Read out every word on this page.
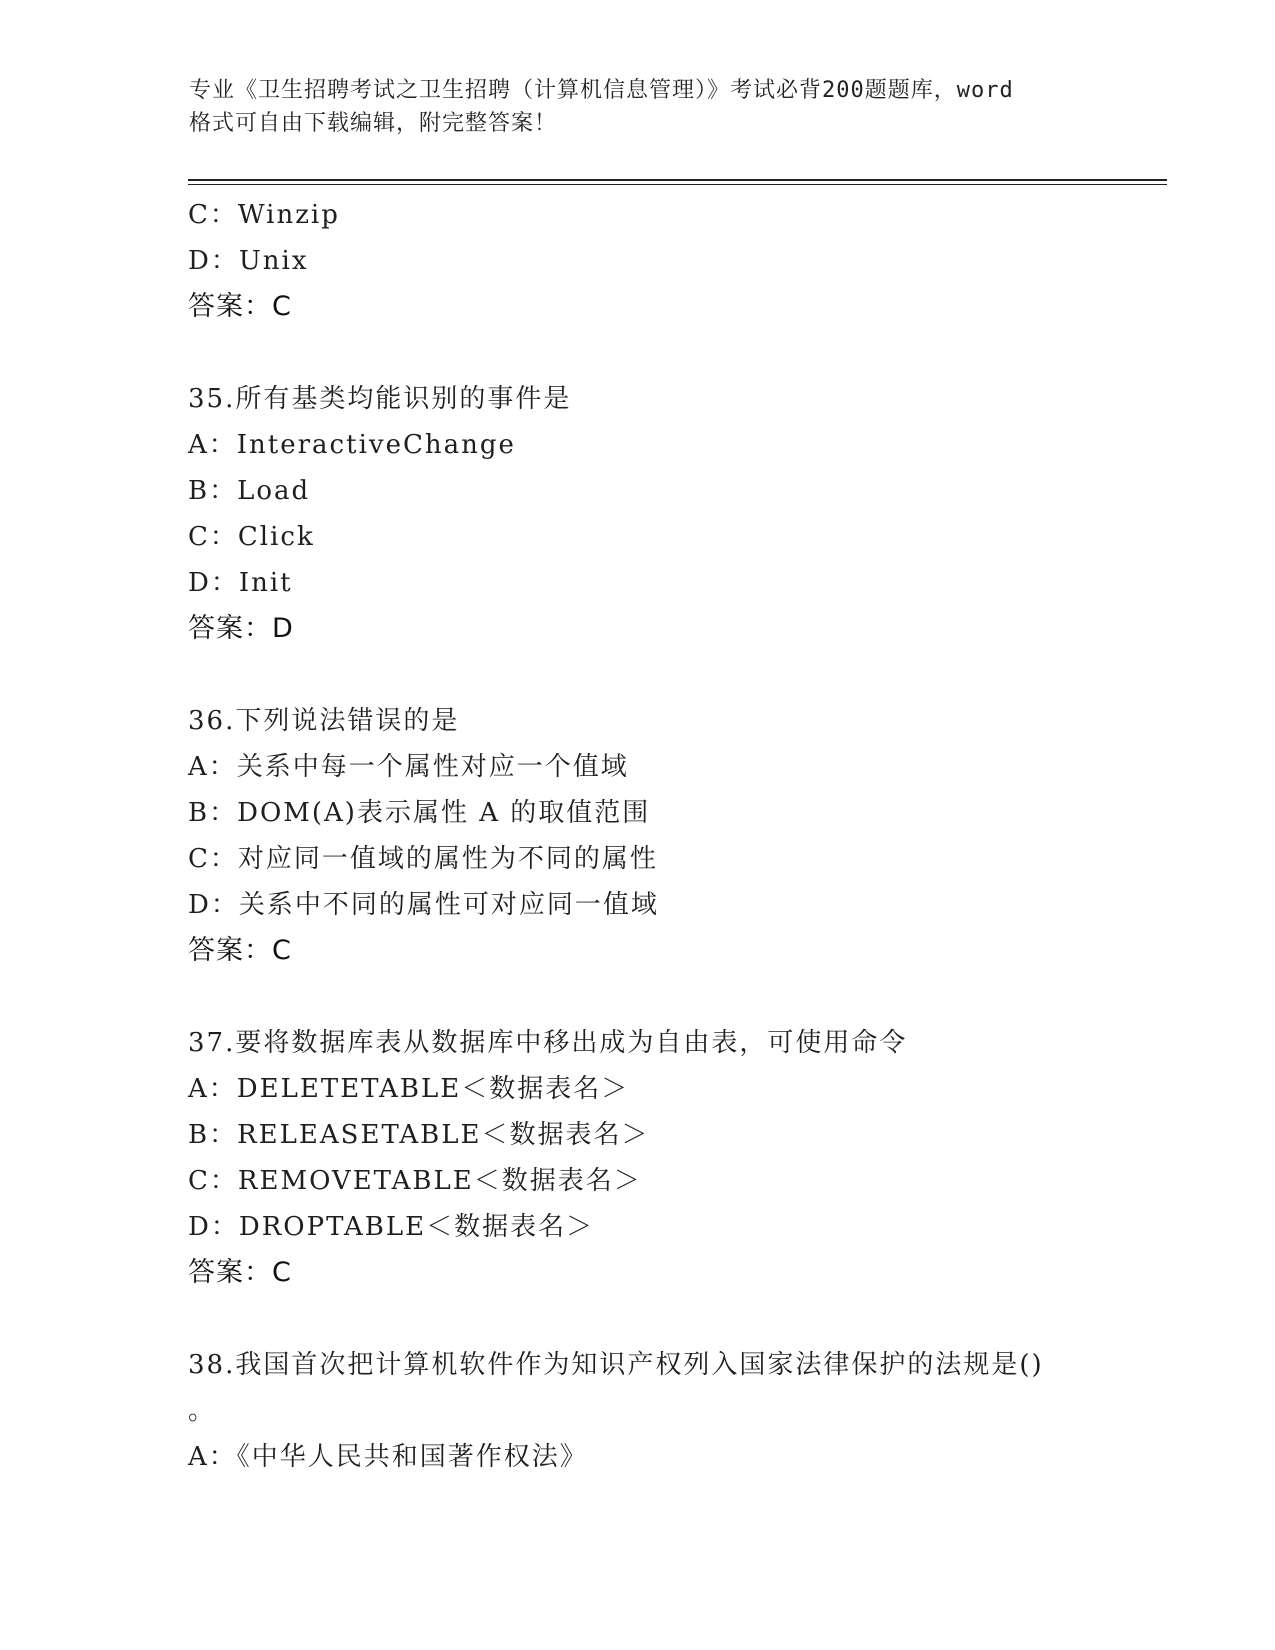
专业《卫生招聘考试之卫生招聘（计算机信息管理）》考试必背200题题库，word
格式可自由下载编辑，附完整答案！
C：Winzip
D：Unix
答案：C
35.所有基类均能识别的事件是
A：InteractiveChange
B：Load
C：Click
D：Init
答案：D
36.下列说法错误的是
A：关系中每一个属性对应一个值域
B：DOM(A)表示属性 A 的取值范围
C：对应同一值域的属性为不同的属性
D：关系中不同的属性可对应同一值域
答案：C
37.要将数据库表从数据库中移出成为自由表，可使用命令
A：DELETETABLE＜数据表名＞
B：RELEASETABLE＜数据表名＞
C：REMOVETABLE＜数据表名＞
D：DROPTABLE＜数据表名＞
答案：C
38.我国首次把计算机软件作为知识产权列入国家法律保护的法规是()
。
A：《中华人民共和国著作权法》
